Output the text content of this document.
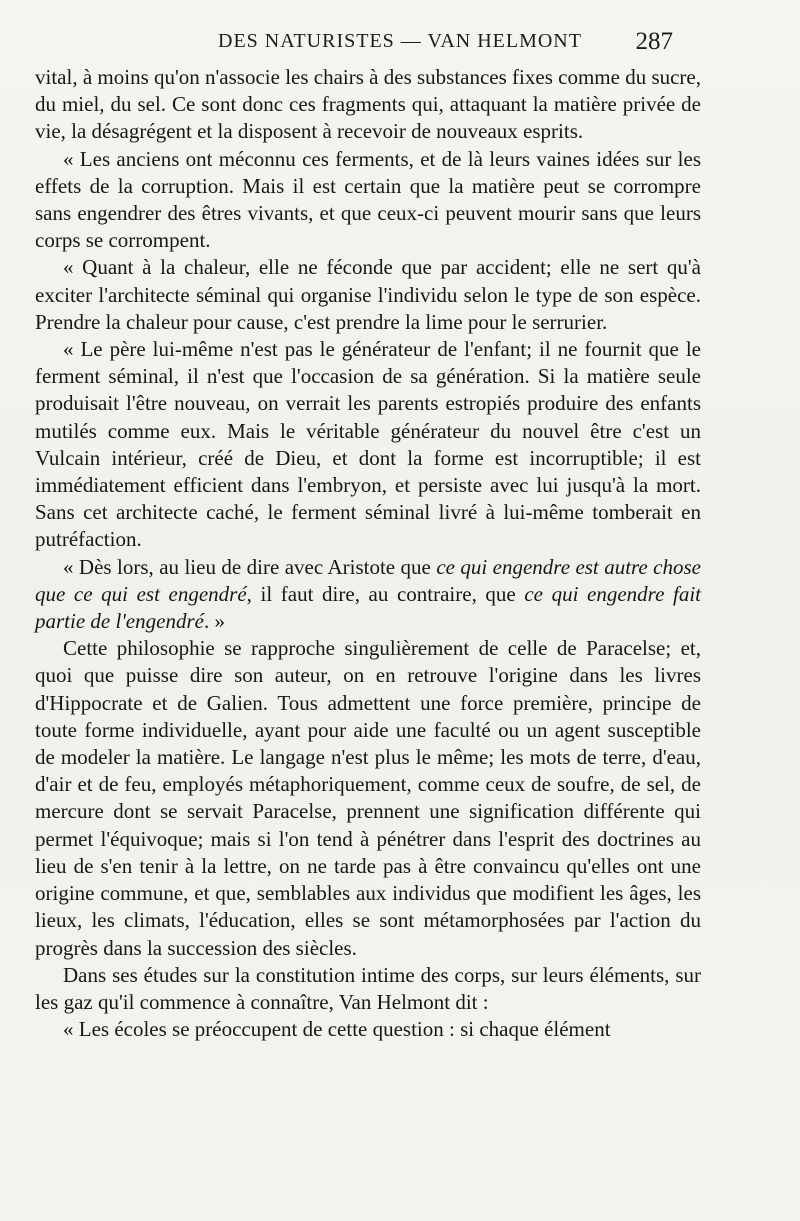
DES NATURISTES — VAN HELMONT	287

vital, à moins qu'on n'associe les chairs à des substances fixes comme du sucre, du miel, du sel. Ce sont donc ces fragments qui, attaquant la matière privée de vie, la désagrégent et la disposent à recevoir de nouveaux esprits.

« Les anciens ont méconnu ces ferments, et de là leurs vaines idées sur les effets de la corruption. Mais il est certain que la matière peut se corrompre sans engendrer des êtres vivants, et que ceux-ci peuvent mourir sans que leurs corps se corrompent.

« Quant à la chaleur, elle ne féconde que par accident; elle ne sert qu'à exciter l'architecte séminal qui organise l'individu selon le type de son espèce. Prendre la chaleur pour cause, c'est prendre la lime pour le serrurier.

« Le père lui-même n'est pas le générateur de l'enfant; il ne fournit que le ferment séminal, il n'est que l'occasion de sa génération. Si la matière seule produisait l'être nouveau, on verrait les parents estropiés produire des enfants mutilés comme eux. Mais le véritable générateur du nouvel être c'est un Vulcain intérieur, créé de Dieu, et dont la forme est incorruptible; il est immédiatement efficient dans l'embryon, et persiste avec lui jusqu'à la mort. Sans cet architecte caché, le ferment séminal livré à lui-même tomberait en putréfaction.

« Dès lors, au lieu de dire avec Aristote que ce qui engendre est autre chose que ce qui est engendré, il faut dire, au contraire, que ce qui engendre fait partie de l'engendré. »

Cette philosophie se rapproche singulièrement de celle de Paracelse; et, quoi que puisse dire son auteur, on en retrouve l'origine dans les livres d'Hippocrate et de Galien. Tous admettent une force première, principe de toute forme individuelle, ayant pour aide une faculté ou un agent susceptible de modeler la matière. Le langage n'est plus le même; les mots de terre, d'eau, d'air et de feu, employés métaphoriquement, comme ceux de soufre, de sel, de mercure dont se servait Paracelse, prennent une signification différente qui permet l'équivoque; mais si l'on tend à pénétrer dans l'esprit des doctrines au lieu de s'en tenir à la lettre, on ne tarde pas à être convaincu qu'elles ont une origine commune, et que, semblables aux individus que modifient les âges, les lieux, les climats, l'éducation, elles se sont métamorphosées par l'action du progrès dans la succession des siècles.

Dans ses études sur la constitution intime des corps, sur leurs éléments, sur les gaz qu'il commence à connaître, Van Helmont dit :

« Les écoles se préoccupent de cette question : si chaque élément
